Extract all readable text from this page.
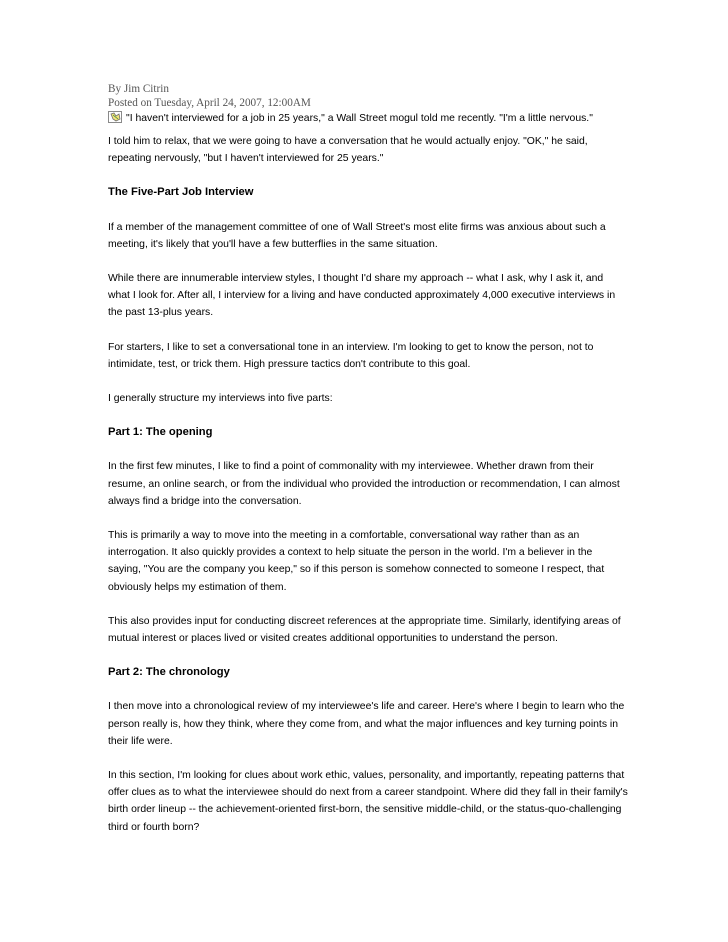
By Jim Citrin
Posted on Tuesday, April 24, 2007, 12:00AM
"I haven't interviewed for a job in 25 years," a Wall Street mogul told me recently. "I'm a little nervous."

I told him to relax, that we were going to have a conversation that he would actually enjoy. "OK," he said, repeating nervously, "but I haven't interviewed for 25 years."

The Five-Part Job Interview

If a member of the management committee of one of Wall Street's most elite firms was anxious about such a meeting, it's likely that you'll have a few butterflies in the same situation.

While there are innumerable interview styles, I thought I'd share my approach -- what I ask, why I ask it, and what I look for. After all, I interview for a living and have conducted approximately 4,000 executive interviews in the past 13-plus years.

For starters, I like to set a conversational tone in an interview. I'm looking to get to know the person, not to intimidate, test, or trick them. High pressure tactics don't contribute to this goal.

I generally structure my interviews into five parts:

Part 1: The opening

In the first few minutes, I like to find a point of commonality with my interviewee. Whether drawn from their resume, an online search, or from the individual who provided the introduction or recommendation, I can almost always find a bridge into the conversation.

This is primarily a way to move into the meeting in a comfortable, conversational way rather than as an interrogation. It also quickly provides a context to help situate the person in the world. I'm a believer in the saying, "You are the company you keep," so if this person is somehow connected to someone I respect, that obviously helps my estimation of them.

This also provides input for conducting discreet references at the appropriate time. Similarly, identifying areas of mutual interest or places lived or visited creates additional opportunities to understand the person.

Part 2: The chronology

I then move into a chronological review of my interviewee's life and career. Here's where I begin to learn who the person really is, how they think, where they come from, and what the major influences and key turning points in their life were.

In this section, I'm looking for clues about work ethic, values, personality, and importantly, repeating patterns that offer clues as to what the interviewee should do next from a career standpoint. Where did they fall in their family's birth order lineup -- the achievement-oriented first-born, the sensitive middle-child, or the status-quo-challenging third or fourth born?
